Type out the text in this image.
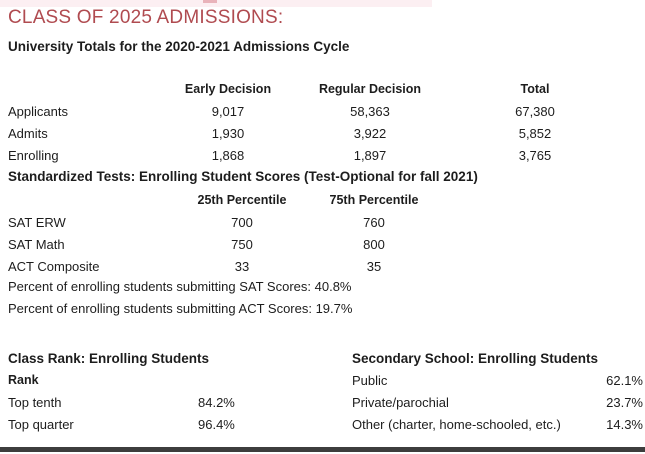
CLASS OF 2025 ADMISSIONS:
University Totals for the 2020-2021 Admissions Cycle
Early Decision	Regular Decision	Total
Applicants	9,017	58,363	67,380
Admits	1,930	3,922	5,852
Enrolling	1,868	1,897	3,765
Standardized Tests: Enrolling Student Scores (Test-Optional for fall 2021)
25th Percentile	75th Percentile
SAT ERW	700	760
SAT Math	750	800
ACT Composite	33	35
Percent of enrolling students submitting SAT Scores: 40.8%
Percent of enrolling students submitting ACT Scores: 19.7%
Class Rank: Enrolling Students
Rank
Top tenth	84.2%
Top quarter	96.4%
Secondary School: Enrolling Students
Public	62.1%
Private/parochial	23.7%
Other (charter, home-schooled, etc.)	14.3%
